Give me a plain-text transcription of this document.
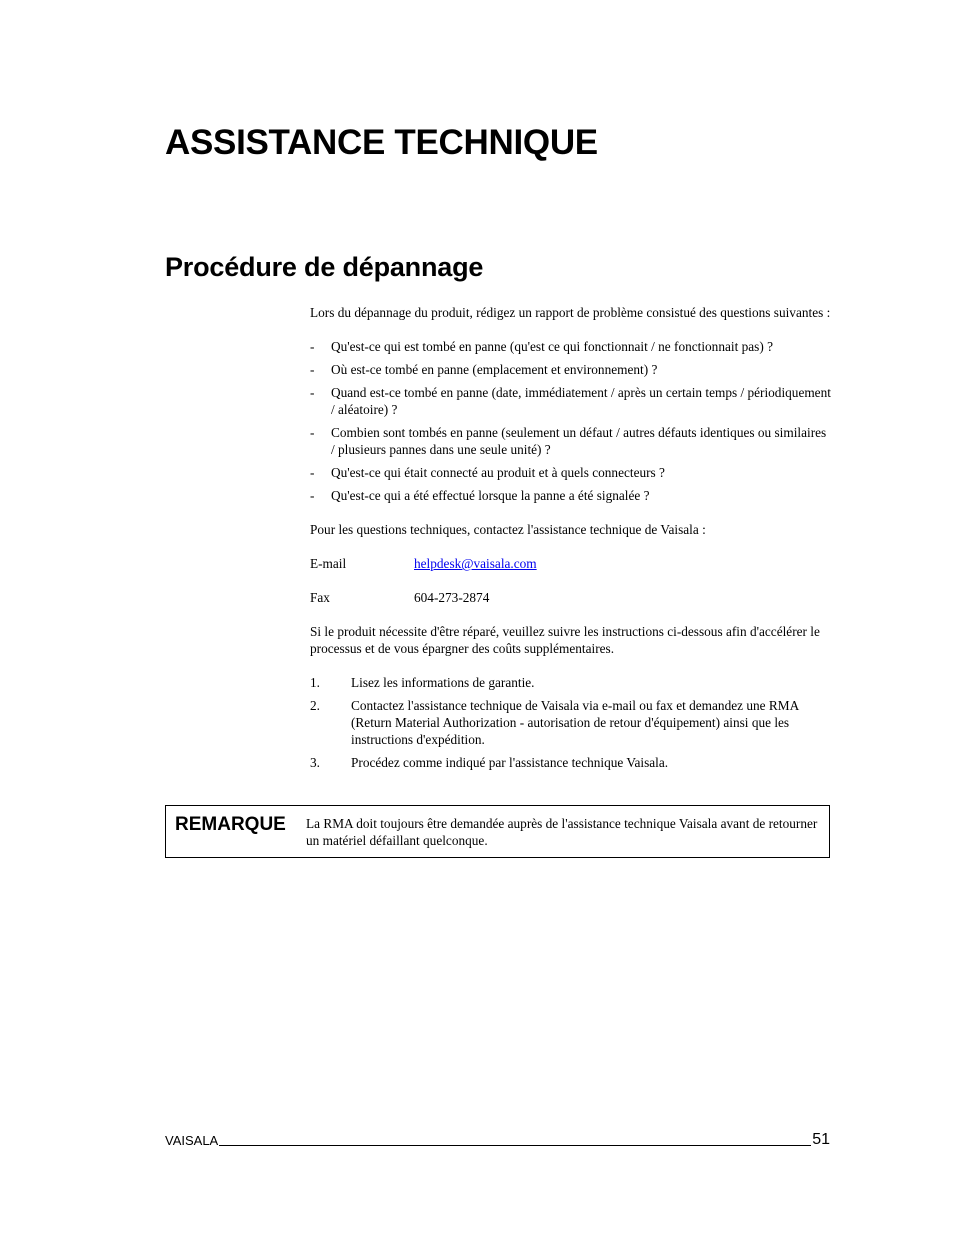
ASSISTANCE TECHNIQUE
Procédure de dépannage

Lors du dépannage du produit, rédigez un rapport de problème consistué des questions suivantes :

- Qu'est-ce qui est tombé en panne (qu'est ce qui fonctionnait / ne fonctionnait pas) ?
- Où est-ce tombé en panne (emplacement et environnement) ?
- Quand est-ce tombé en panne (date, immédiatement / après un certain temps / périodiquement / aléatoire) ?
- Combien sont tombés en panne (seulement un défaut / autres défauts identiques ou similaires / plusieurs pannes dans une seule unité) ?
- Qu'est-ce qui était connecté au produit et à quels connecteurs ?
- Qu'est-ce qui a été effectué lorsque la panne a été signalée ?

Pour les questions techniques, contactez l'assistance technique de Vaisala :

E-mail	helpdesk@vaisala.com
Fax	604-273-2874

Si le produit nécessite d'être réparé, veuillez suivre les instructions ci-dessous afin d'accélérer le processus et de vous épargner des coûts supplémentaires.

1. Lisez les informations de garantie.
2. Contactez l'assistance technique de Vaisala via e-mail ou fax et demandez une RMA (Return Material Authorization - autorisation de retour d'équipement) ainsi que les instructions d'expédition.
3. Procédez comme indiqué par l'assistance technique Vaisala.
REMARQUE La RMA doit toujours être demandée auprès de l'assistance technique Vaisala avant de retourner un matériel défaillant quelconque.
VAISALA	51
